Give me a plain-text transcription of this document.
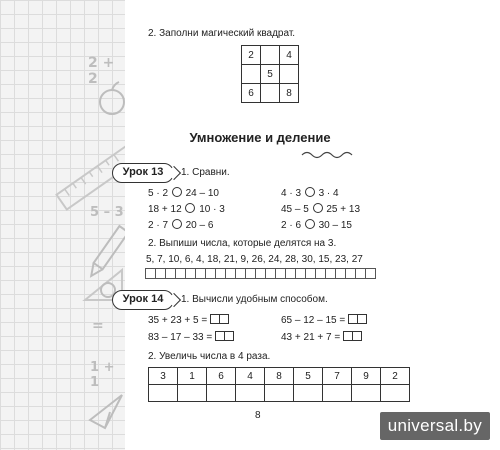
2 + 2
5 – 3
=
1 + 1
2. Заполни магический квадрат.
2		4
	5	
6		8
Умножение и деление
Урок 13	1. Сравни.
5 · 2 24 – 10
18 + 12 10 · 3
2 · 7 20 – 6
4 · 3 3 · 4
45 – 5 25 + 13
2 · 6 30 – 15
2. Выпиши числа, которые делятся на 3.
5, 7, 10, 6, 4, 18, 21, 9, 26, 24, 28, 30, 15, 23, 27
Урок 14	1. Вычисли удобным способом.
35 + 23 + 5 =
83 – 17 – 33 =
65 – 12 – 15 =
43 + 21 + 7 =
2. Увеличь числа в 4 раза.
3	1	6	4	8	5	7	9	2

8
universal.by
